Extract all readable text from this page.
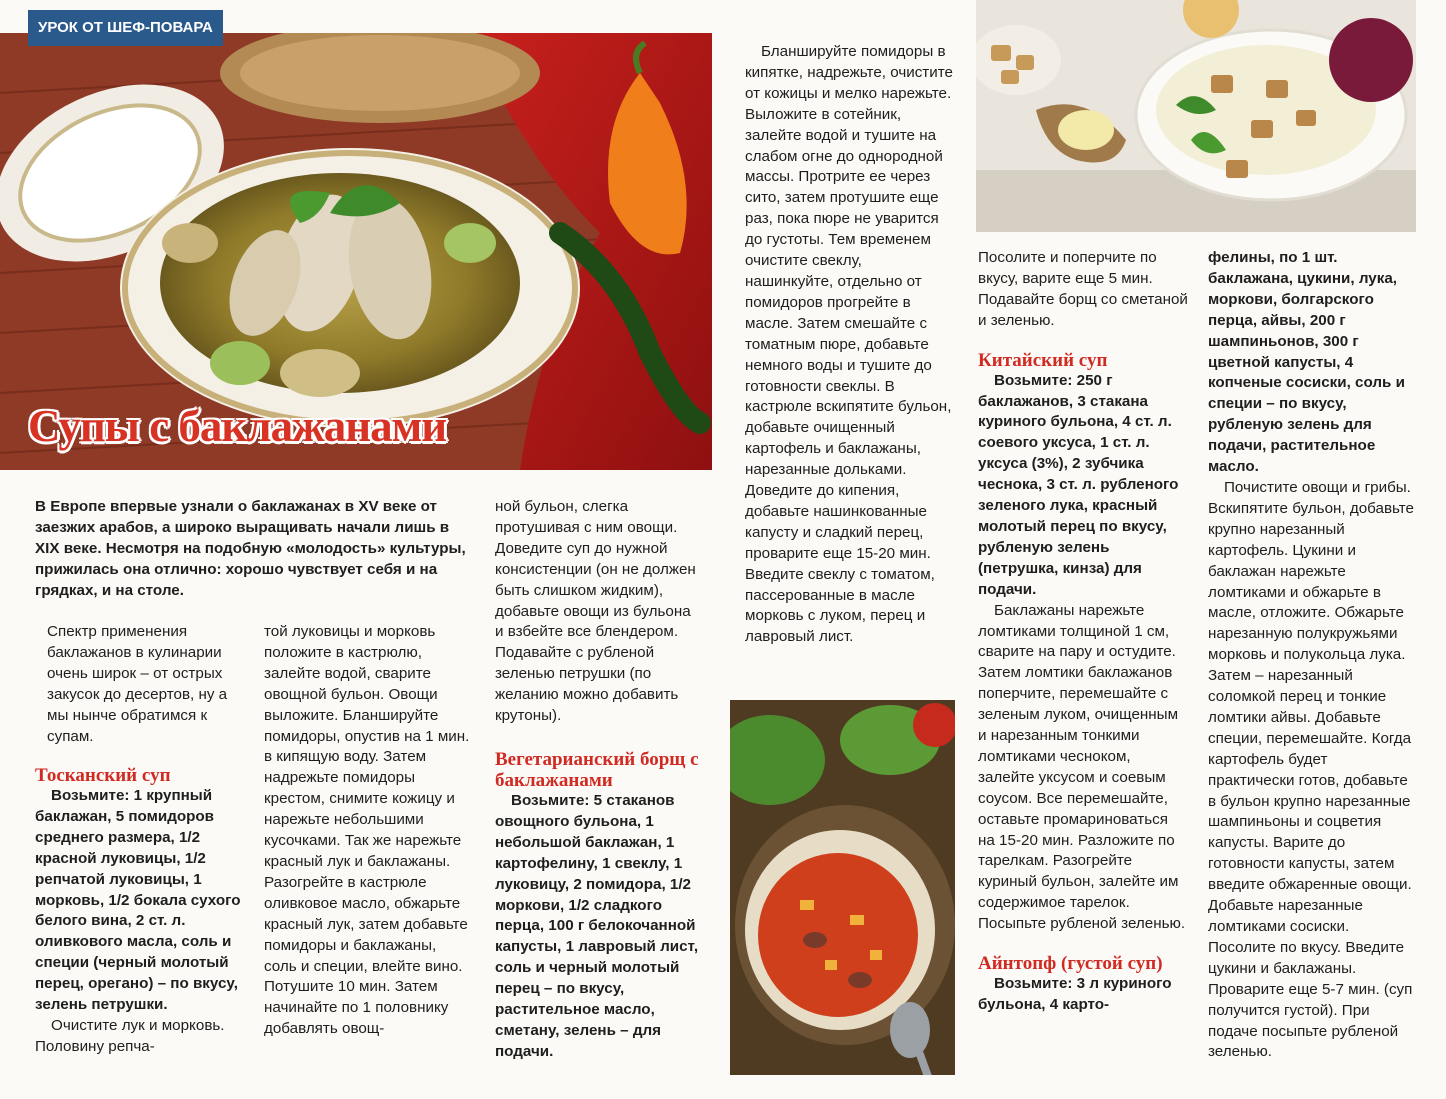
УРОК ОТ ШЕФ-ПОВАРА
Супы с баклажанами
В Европе впервые узнали о баклажанах в XV веке от заезжих арабов, а широко выращивать начали лишь в XIX веке. Несмотря на подобную «молодость» культуры, прижилась она отлично: хорошо чувствует себя и на грядках, и на столе.

Спектр применения баклажанов в кулинарии очень широк – от острых закусок до десертов, ну а мы нынче обратимся к супам.

Тосканский суп

Возьмите: 1 крупный баклажан, 5 помидоров среднего размера, 1/2 красной луковицы, 1/2 репчатой луковицы, 1 морковь, 1/2 бокала сухого белого вина, 2 ст. л. оливкового масла, соль и специи (черный молотый перец, орегано) – по вкусу, зелень петрушки.

Очистите лук и морковь. Половину репча-

той луковицы и морковь положите в кастрюлю, залейте водой, сварите овощной бульон. Овощи выложите. Бланшируйте помидоры, опустив на 1 мин. в кипящую воду. Затем надрежьте помидоры крестом, снимите кожицу и нарежьте небольшими кусочками. Так же нарежьте красный лук и баклажаны. Разогрейте в кастрюле оливковое масло, обжарьте красный лук, затем добавьте помидоры и баклажаны, соль и специи, влейте вино. Потушите 10 мин. Затем начинайте по 1 половнику добавлять овощ-

ной бульон, слегка протушивая с ним овощи. Доведите суп до нужной консистенции (он не должен быть слишком жидким), добавьте овощи из бульона и взбейте все блендером. Подавайте с рубленой зеленью петрушки (по желанию можно добавить крутоны).

Вегетарианский борщ с баклажанами

Возьмите: 5 стаканов овощного бульона, 1 небольшой баклажан, 1 картофелину, 1 свеклу, 1 луковицу, 2 помидора, 1/2 моркови, 1/2 сладкого перца, 100 г белокочанной капусты, 1 лавровый лист, соль и черный молотый перец – по вкусу, растительное масло, сметану, зелень – для подачи.

Бланшируйте помидоры в кипятке, надрежьте, очистите от кожицы и мелко нарежьте. Выложите в сотейник, залейте водой и тушите на слабом огне до однородной массы. Протрите ее через сито, затем протушите еще раз, пока пюре не уварится до густоты. Тем временем очистите свеклу, нашинкуйте, отдельно от помидоров прогрейте в масле. Затем смешайте с томатным пюре, добавьте немного воды и тушите до готовности свеклы. В кастрюле вскипятите бульон, добавьте очищенный картофель и баклажаны, нарезанные дольками. Доведите до кипения, добавьте нашинкованные капусту и сладкий перец, проварите еще 15-20 мин. Введите свеклу с томатом, пассерованные в масле морковь с луком, перец и лавровый лист.

Посолите и поперчите по вкусу, варите еще 5 мин. Подавайте борщ со сметаной и зеленью.

Китайский суп

Возьмите: 250 г баклажанов, 3 стакана куриного бульона, 4 ст. л. соевого уксуса, 1 ст. л. уксуса (3%), 2 зубчика чеснока, 3 ст. л. рубленого зеленого лука, красный молотый перец по вкусу, рубленую зелень (петрушка, кинза) для подачи.

Баклажаны нарежьте ломтиками толщиной 1 см, сварите на пару и остудите. Затем ломтики баклажанов поперчите, перемешайте с зеленым луком, очищенным и нарезанным тонкими ломтиками чесноком, залейте уксусом и соевым соусом. Все перемешайте, оставьте промариноваться на 15-20 мин. Разложите по тарелкам. Разогрейте куриный бульон, залейте им содержимое тарелок. Посыпьте рубленой зеленью.

Айнтопф (густой суп)

Возьмите: 3 л куриного бульона, 4 карто-

фелины, по 1 шт. баклажана, цукини, лука, моркови, болгарского перца, айвы, 200 г шампиньонов, 300 г цветной капусты, 4 копченые сосиски, соль и специи – по вкусу, рубленую зелень для подачи, растительное масло.

Почистите овощи и грибы. Вскипятите бульон, добавьте крупно нарезанный картофель. Цукини и баклажан нарежьте ломтиками и обжарьте в масле, отложите. Обжарьте нарезанную полукружьями морковь и полукольца лука. Затем – нарезанный соломкой перец и тонкие ломтики айвы. Добавьте специи, перемешайте. Когда картофель будет практически готов, добавьте в бульон крупно нарезанные шампиньоны и соцветия капусты. Варите до готовности капусты, затем введите обжаренные овощи. Добавьте нарезанные ломтиками сосиски. Посолите по вкусу. Введите цукини и баклажаны. Проварите еще 5-7 мин. (суп получится густой). При подаче посыпьте рубленой зеленью.
